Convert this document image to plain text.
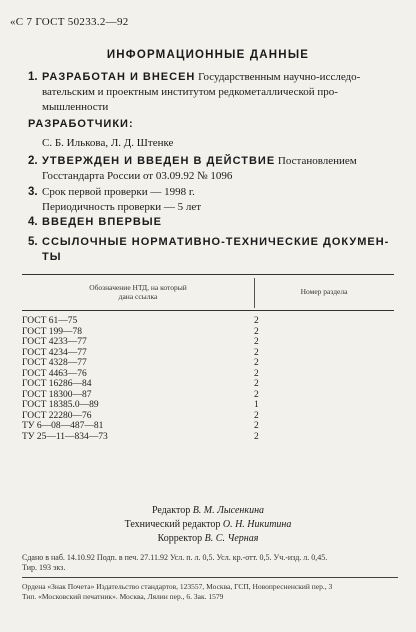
«С 7 ГОСТ 50233.2—92
ИНФОРМАЦИОННЫЕ ДАННЫЕ
1. РАЗРАБОТАН И ВНЕСЕН Государственным научно-исследо-
вательским и проектным институтом редкометаллической про-
мышленности
РАЗРАБОТЧИКИ:
С. Б. Илькова, Л. Д. Штенке
2. УТВЕРЖДЕН И ВВЕДЕН В ДЕЙСТВИЕ Постановлением
Госстандарта России от 03.09.92 № 1096
3. Срок первой проверки — 1998 г.
Периодичность проверки — 5 лет
4. ВВЕДЕН ВПЕРВЫЕ
5. ССЫЛОЧНЫЕ НОРМАТИВНО-ТЕХНИЧЕСКИЕ ДОКУМЕН-
ТЫ
Обозначение НТД, на который
дана ссылка
Номер раздела
ГОСТ 61—75	2
ГОСТ 199—78	2
ГОСТ 4233—77	2
ГОСТ 4234—77	2
ГОСТ 4328—77	2
ГОСТ 4463—76	2
ГОСТ 16286—84	2
ГОСТ 18300—87	2
ГОСТ 18385.0—89	1
ГОСТ 22280—76	2
ТУ 6—08—487—81	2
ТУ 25—11—834—73	2
Редактор В. М. Лысенкина
Технический редактор О. Н. Никитина
Корректор В. С. Черная
Сдано в наб. 14.10.92 Подп. в печ. 27.11.92 Усл. п. л. 0,5. Усл. кр.-отт. 0,5. Уч.-изд. л. 0,45.
Тир. 193 экз.
Ордена «Знак Почета» Издательство стандартов, 123557, Москва, ГСП, Новопресненский пер., 3
Тип. «Московский печатник». Москва, Лялин пер., 6. Зак. 1579
